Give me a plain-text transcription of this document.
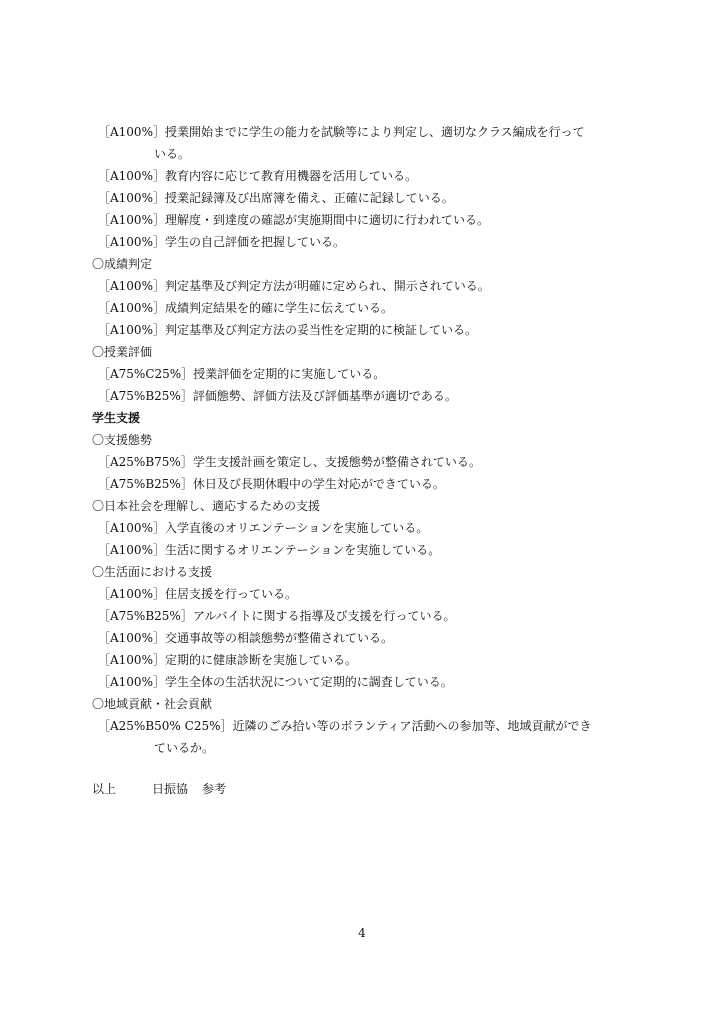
［A100%］授業開始までに学生の能力を試験等により判定し、適切なクラス編成を行って
いる。
［A100%］教育内容に応じて教育用機器を活用している。
［A100%］授業記録簿及び出席簿を備え、正確に記録している。
［A100%］理解度・到達度の確認が実施期間中に適切に行われている。
［A100%］学生の自己評価を把握している。
〇成績判定
［A100%］判定基準及び判定方法が明確に定められ、開示されている。
［A100%］成績判定結果を的確に学生に伝えている。
［A100%］判定基準及び判定方法の妥当性を定期的に検証している。
〇授業評価
［A75%C25%］授業評価を定期的に実施している。
［A75%B25%］評価態勢、評価方法及び評価基準が適切である。
学生支援
〇支援態勢
［A25%B75%］学生支援計画を策定し、支援態勢が整備されている。
［A75%B25%］休日及び長期休暇中の学生対応ができている。
〇日本社会を理解し、適応するための支援
［A100%］入学直後のオリエンテーションを実施している。
［A100%］生活に関するオリエンテーションを実施している。
〇生活面における支援
［A100%］住居支援を行っている。
［A75%B25%］アルバイトに関する指導及び支援を行っている。
［A100%］交通事故等の相談態勢が整備されている。
［A100%］定期的に健康診断を実施している。
［A100%］学生全体の生活状況について定期的に調査している。
〇地域貢献・社会貢献
［A25%B50% C25%］近隣のごみ拾い等のボランティア活動への参加等、地域貢献ができ
ているか。
以上	日振協 参考
4
